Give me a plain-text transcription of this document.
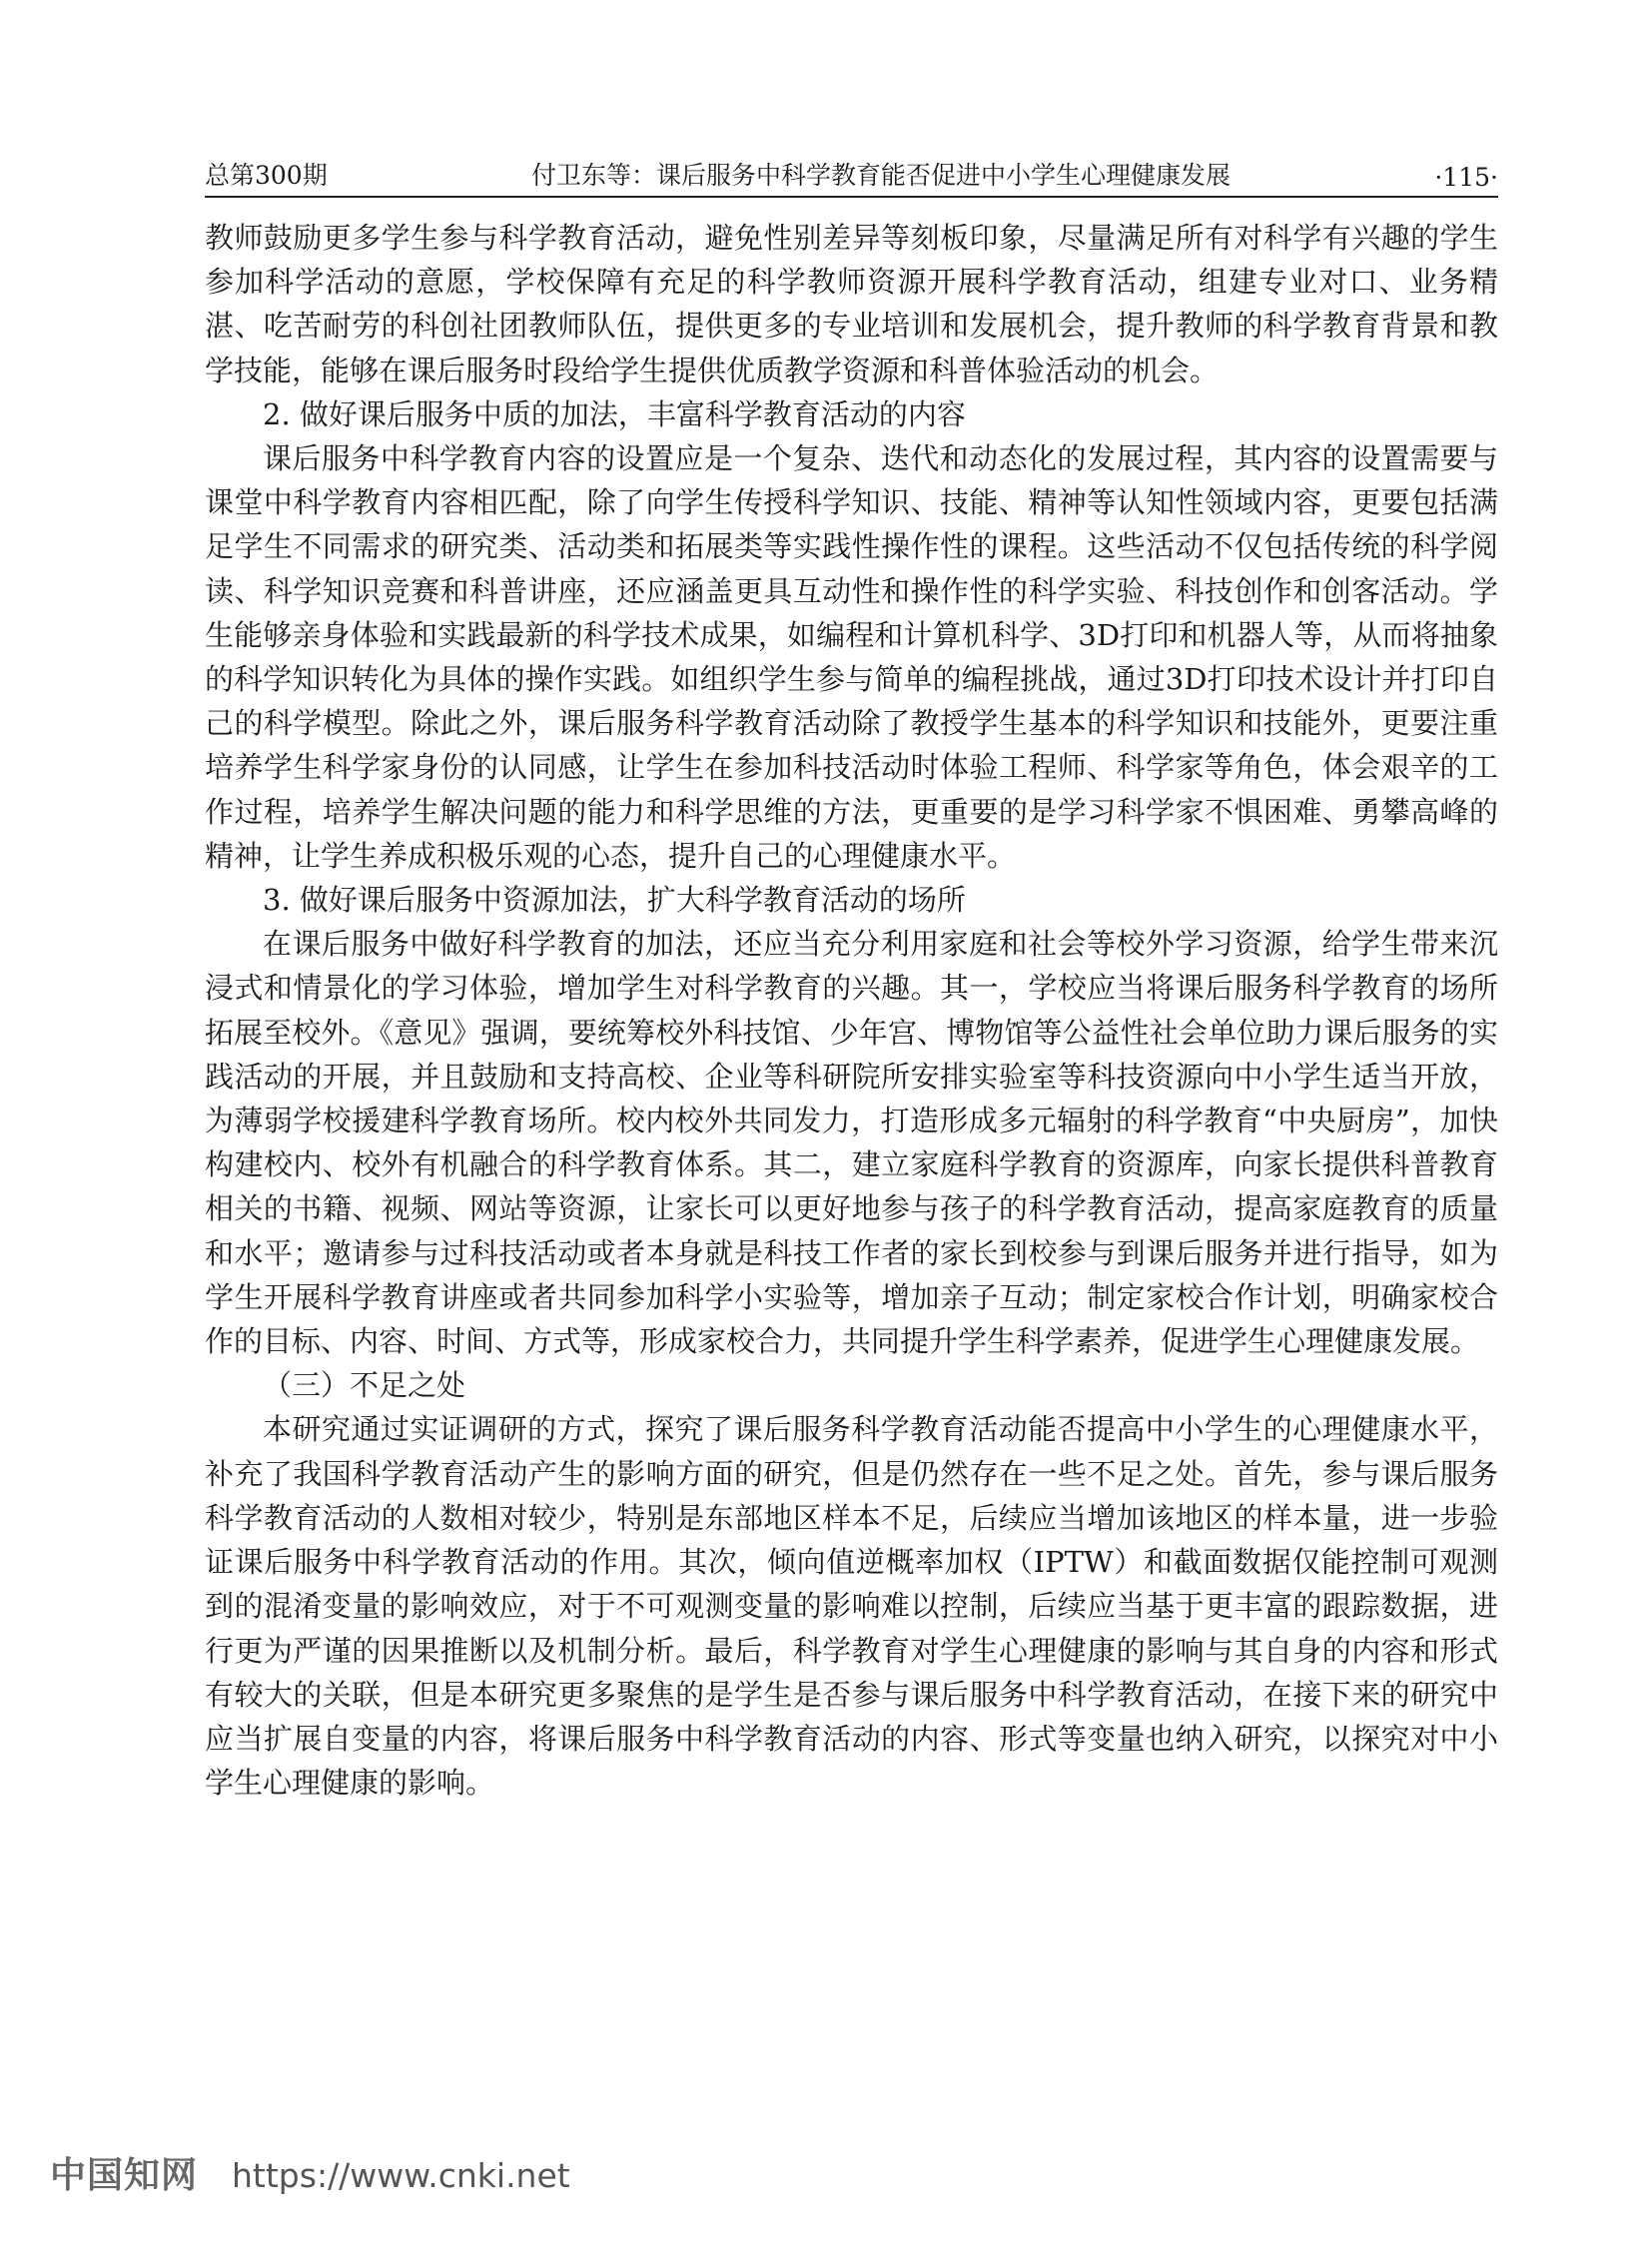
总第300期	付卫东等：课后服务中科学教育能否促进中小学生心理健康发展	·115·

教师鼓励更多学生参与科学教育活动，避免性别差异等刻板印象，尽量满足所有对科学有兴趣的学生参加科学活动的意愿，学校保障有充足的科学教师资源开展科学教育活动，组建专业对口、业务精湛、吃苦耐劳的科创社团教师队伍，提供更多的专业培训和发展机会，提升教师的科学教育背景和教学技能，能够在课后服务时段给学生提供优质教学资源和科普体验活动的机会。

2. 做好课后服务中质的加法，丰富科学教育活动的内容

课后服务中科学教育内容的设置应是一个复杂、迭代和动态化的发展过程，其内容的设置需要与课堂中科学教育内容相匹配，除了向学生传授科学知识、技能、精神等认知性领域内容，更要包括满足学生不同需求的研究类、活动类和拓展类等实践性操作性的课程。这些活动不仅包括传统的科学阅读、科学知识竞赛和科普讲座，还应涵盖更具互动性和操作性的科学实验、科技创作和创客活动。学生能够亲身体验和实践最新的科学技术成果，如编程和计算机科学、3D打印和机器人等，从而将抽象的科学知识转化为具体的操作实践。如组织学生参与简单的编程挑战，通过3D打印技术设计并打印自己的科学模型。除此之外，课后服务科学教育活动除了教授学生基本的科学知识和技能外，更要注重培养学生科学家身份的认同感，让学生在参加科技活动时体验工程师、科学家等角色，体会艰辛的工作过程，培养学生解决问题的能力和科学思维的方法，更重要的是学习科学家不惧困难、勇攀高峰的精神，让学生养成积极乐观的心态，提升自己的心理健康水平。

3. 做好课后服务中资源加法，扩大科学教育活动的场所

在课后服务中做好科学教育的加法，还应当充分利用家庭和社会等校外学习资源，给学生带来沉浸式和情景化的学习体验，增加学生对科学教育的兴趣。其一，学校应当将课后服务科学教育的场所拓展至校外。《意见》强调，要统筹校外科技馆、少年宫、博物馆等公益性社会单位助力课后服务的实践活动的开展，并且鼓励和支持高校、企业等科研院所安排实验室等科技资源向中小学生适当开放，为薄弱学校援建科学教育场所。校内校外共同发力，打造形成多元辐射的科学教育“中央厨房”，加快构建校内、校外有机融合的科学教育体系。其二，建立家庭科学教育的资源库，向家长提供科普教育相关的书籍、视频、网站等资源，让家长可以更好地参与孩子的科学教育活动，提高家庭教育的质量和水平；邀请参与过科技活动或者本身就是科技工作者的家长到校参与到课后服务并进行指导，如为学生开展科学教育讲座或者共同参加科学小实验等，增加亲子互动；制定家校合作计划，明确家校合作的目标、内容、时间、方式等，形成家校合力，共同提升学生科学素养，促进学生心理健康发展。

（三）不足之处

本研究通过实证调研的方式，探究了课后服务科学教育活动能否提高中小学生的心理健康水平，补充了我国科学教育活动产生的影响方面的研究，但是仍然存在一些不足之处。首先，参与课后服务科学教育活动的人数相对较少，特别是东部地区样本不足，后续应当增加该地区的样本量，进一步验证课后服务中科学教育活动的作用。其次，倾向值逆概率加权（IPTW）和截面数据仅能控制可观测到的混淆变量的影响效应，对于不可观测变量的影响难以控制，后续应当基于更丰富的跟踪数据，进行更为严谨的因果推断以及机制分析。最后，科学教育对学生心理健康的影响与其自身的内容和形式有较大的关联，但是本研究更多聚焦的是学生是否参与课后服务中科学教育活动，在接下来的研究中应当扩展自变量的内容，将课后服务中科学教育活动的内容、形式等变量也纳入研究，以探究对中小学生心理健康的影响。

中国知网 https://www.cnki.net
